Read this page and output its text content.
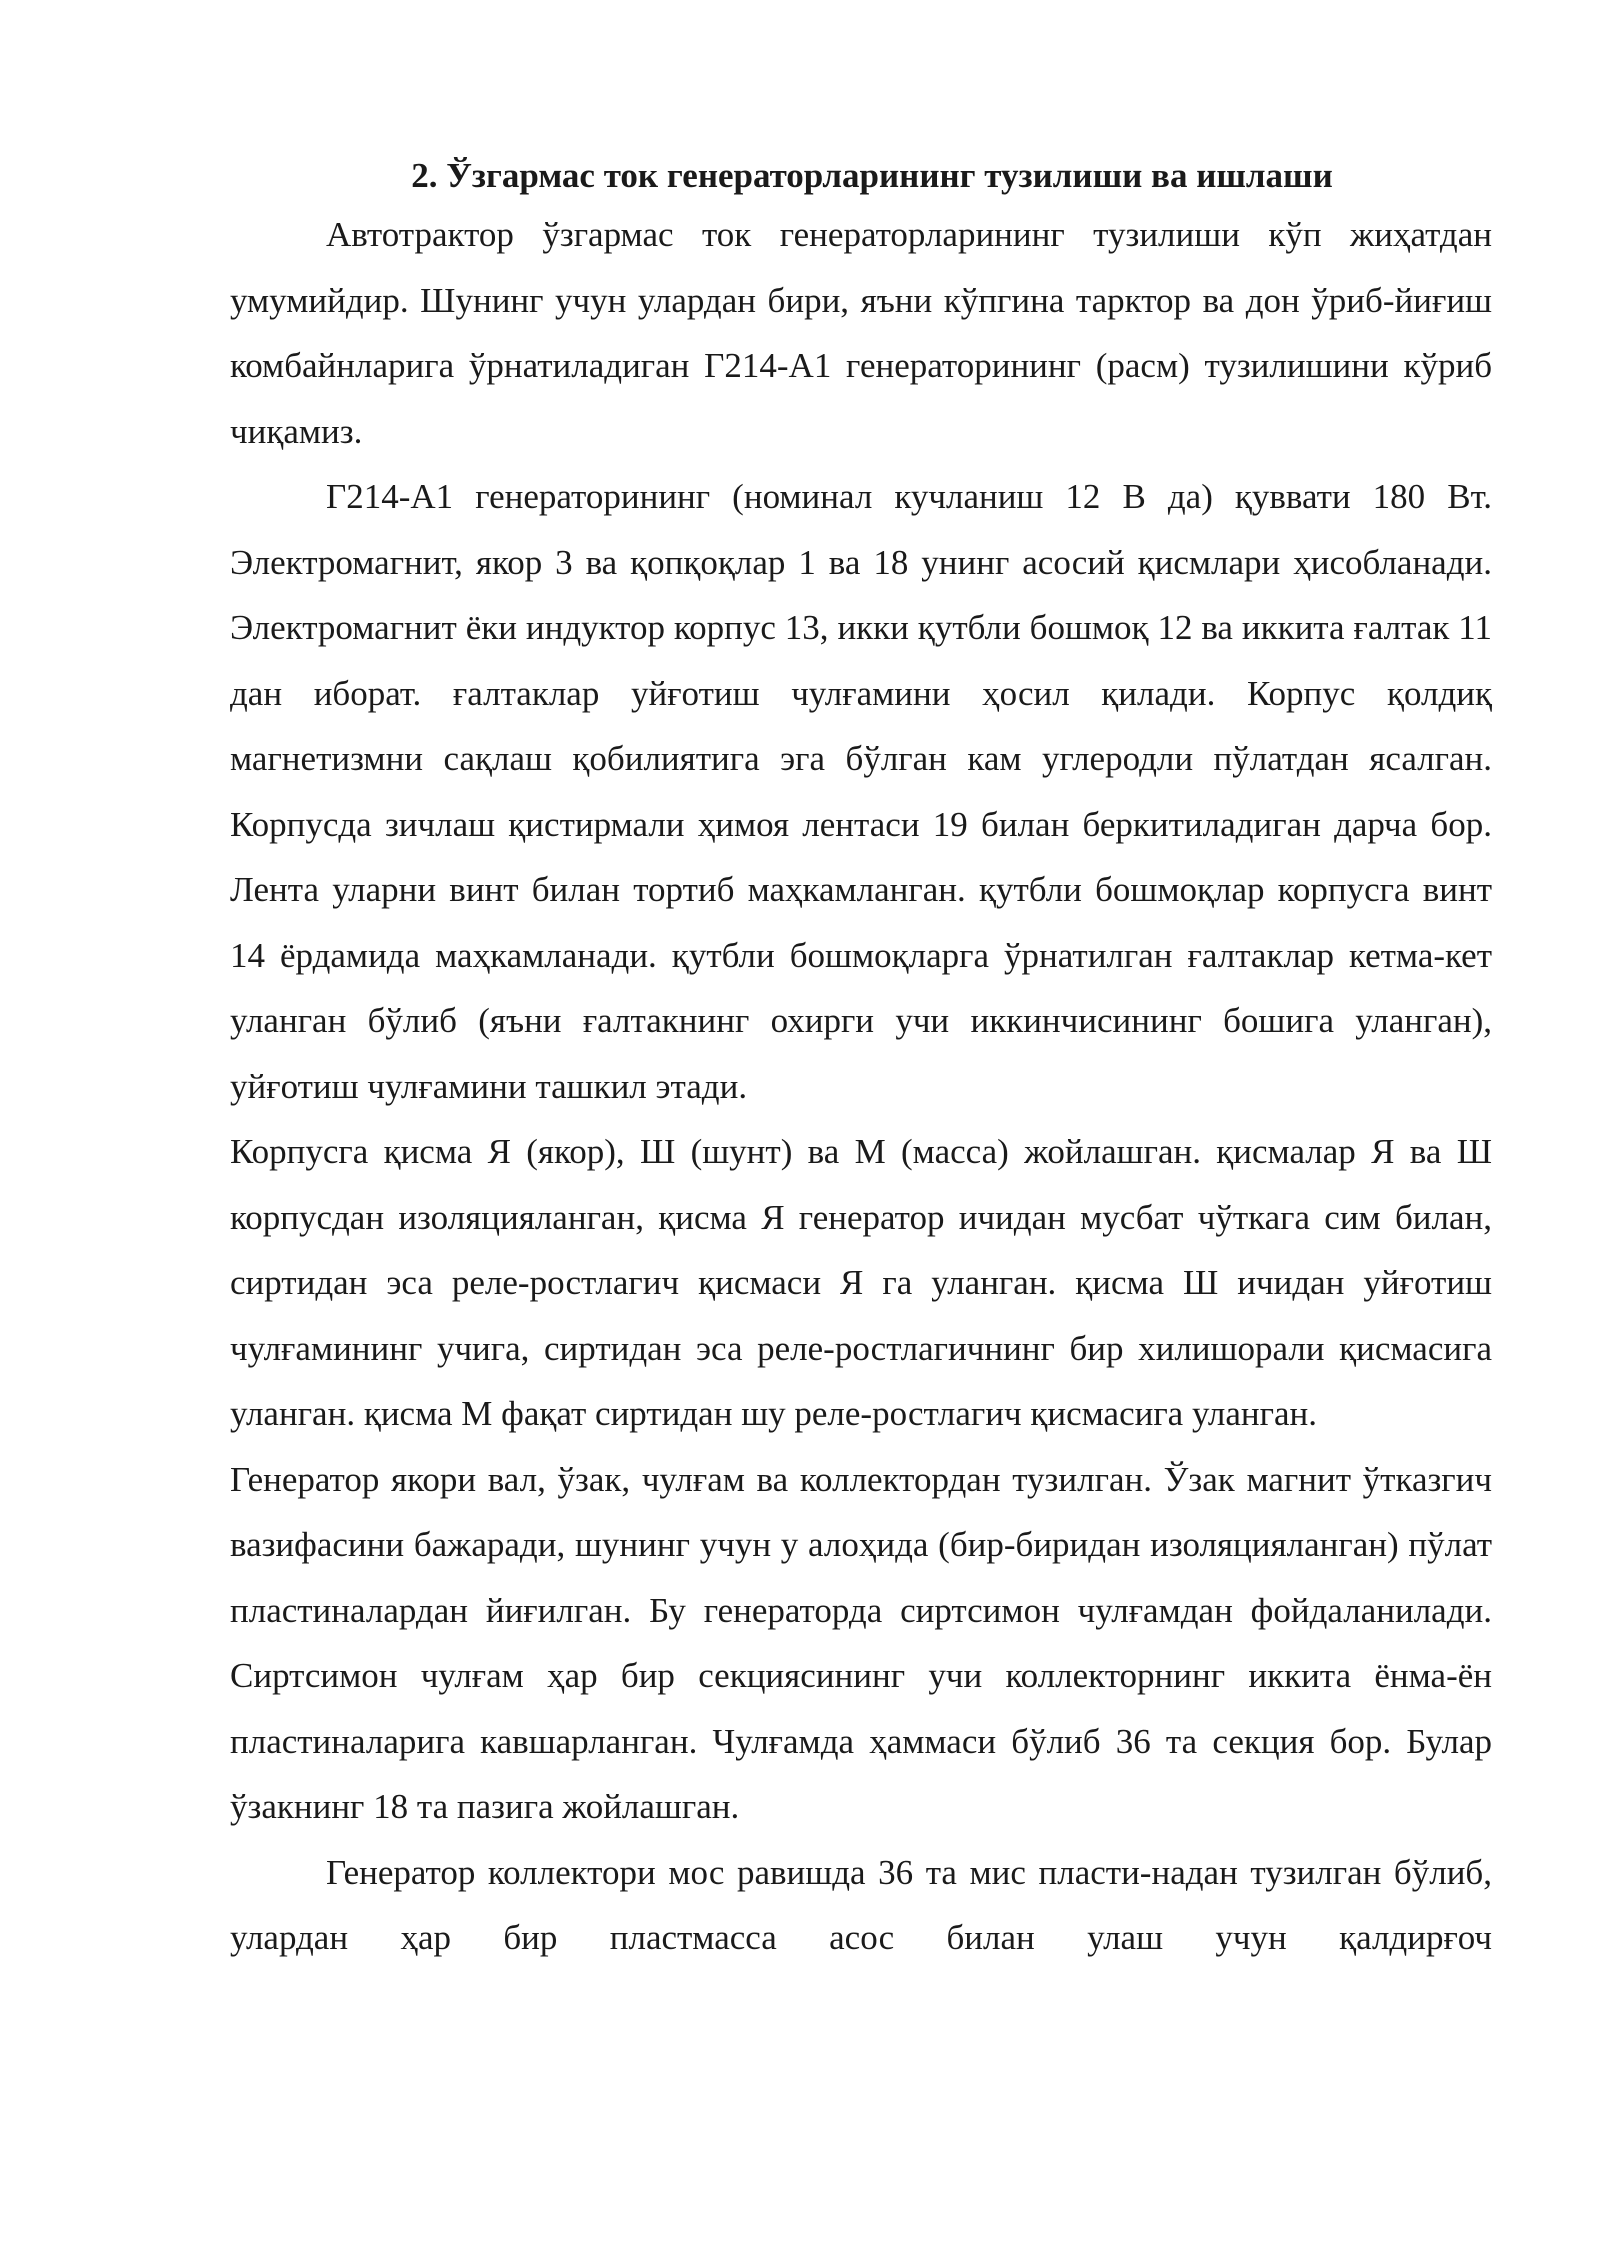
2. Ўзгармас ток генераторларининг тузилиши ва ишлаши

Автотрактор ўзгармас ток генераторларининг тузилиши кўп жиҳатдан умумийдир. Шунинг учун улардан бири, яъни кўпгина тарктор ва дон ўриб-йиғиш комбайнларига ўрнатиладиган Г214-А1 генераторининг (расм) тузилишини кўриб чиқамиз.

Г214-А1 генераторининг (номинал кучланиш 12 В да) қуввати 180 Вт. Электромагнит, якор 3 ва қопқоқлар 1 ва 18 унинг асосий қисмлари ҳисобланади. Электромагнит ёки индуктор корпус 13, икки қутбли бошмоқ 12 ва иккита ғалтак 11 дан иборат. ғалтаклар уйғотиш чулғамини ҳосил қилади. Корпус қолдиқ магнетизмни сақлаш қобилиятига эга бўлган кам углеродли пўлатдан ясалган. Корпусда зичлаш қистирмали ҳимоя лентаси 19 билан беркитиладиган дарча бор. Лента уларни винт билан тортиб маҳкамланган. қутбли бошмоқлар корпусга винт 14 ёрдамида маҳкамланади. қутбли бошмоқларга ўрнатилган ғалтаклар кетма-кет уланган бўлиб (яъни ғалтакнинг охирги учи иккинчисининг бошига уланган), уйғотиш чулғамини ташкил этади.

Корпусга қисма Я (якор), Ш (шунт) ва М (масса) жойлашган. қисмалар Я ва Ш корпусдан изоляцияланган, қисма Я генератор ичидан мусбат чўткага сим билан, сиртидан эса реле-ростлагич қисмаси Я га уланган. қисма Ш ичидан уйғотиш чулғамининг учига, сиртидан эса реле-ростлагичнинг бир хилишорали қисмасига уланган. қисма М фақат сиртидан шу реле-ростлагич қисмасига уланган.

Генератор якори вал, ўзак, чулғам ва коллектордан тузилган. Ўзак магнит ўтказгич вазифасини бажаради, шунинг учун у алоҳида (бир-биридан изоляцияланган) пўлат пластиналардан йиғилган. Бу генераторда сиртсимон чулғамдан фойдаланилади. Сиртсимон чулғам ҳар бир секциясининг учи коллекторнинг иккита ёнма-ён пластиналарига кавшарланган. Чулғамда ҳаммаси бўлиб 36 та секция бор. Булар ўзакнинг 18 та пазига жойлашган.

Генератор коллектори мос равишда 36 та мис пласти-надан тузилган бўлиб, улардан ҳар бир пластмасса асос билан улаш учун қалдирғоч
